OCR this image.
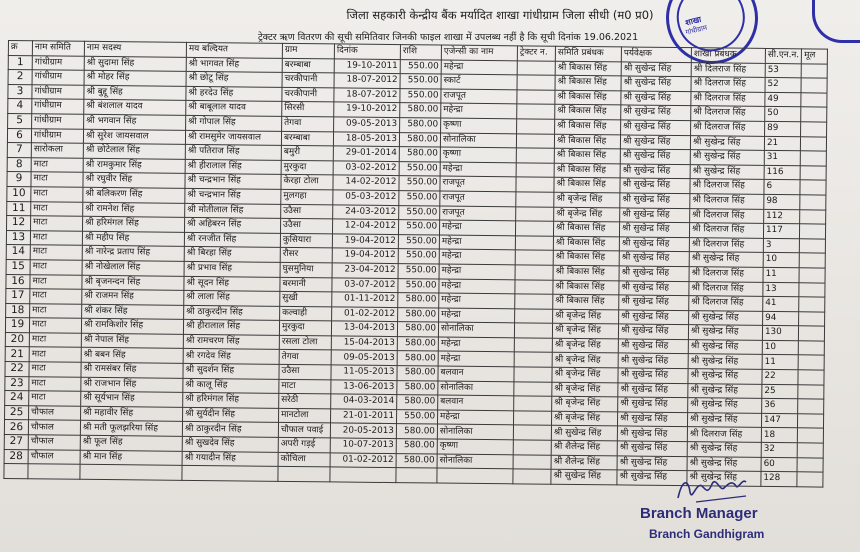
जिला सहकारी केन्द्रीय बैंक मर्यादित शाखा गांधीग्राम जिला सीधी (म0 प्र0)
ट्रेक्टर ऋण वितरण की सूची समितिवार जिनकी फाइल शाखा में उपलब्ध नहीं है कि सूची दिनांक 19.06.2021
शाखा
गांधीग्राम
क्र	नाम समिति	नाम सदस्य	मय बल्दियत	ग्राम	दिनांक	राशि	एजेन्सी का नाम	ट्रेक्टर न.	समिति प्रबंधक	पर्यवेक्षक	शाखा प्रबंधक	सी.एन.न.	मूल
1	गांधीग्राम	श्री सुदामा सिंह	श्री भागवत सिंह	बरम्बाबा	19-10-2011	550.00	महेन्द्रा		श्री बिकास सिंह	श्री सुखेन्द्र सिंह	श्री दिलराज सिंह	53	
2	गांधीग्राम	श्री मोहर सिंह	श्री छोटू सिंह	चरकीपानी	18-07-2012	550.00	स्कार्ट		श्री बिकास सिंह	श्री सुखेन्द्र सिंह	श्री दिलराज सिंह	52	
3	गांधीग्राम	श्री बुद्दू सिंह	श्री हरदेउ सिंह	चरकीपानी	18-07-2012	550.00	राजपूत		श्री बिकास सिंह	श्री सुखेन्द्र सिंह	श्री दिलराज सिंह	49	
4	गांधीग्राम	श्री बंशलाल यादव	श्री बाबूलाल यादव	सिरसी	19-10-2012	580.00	महेन्द्रा		श्री बिकास सिंह	श्री सुखेन्द्र सिंह	श्री दिलराज सिंह	50	
5	गांधीग्राम	श्री भगवान सिंह	श्री गोपाल सिंह	तेगवा	09-05-2013	580.00	कृष्णा		श्री बिकास सिंह	श्री सुखेन्द्र सिंह	श्री दिलराज सिंह	89	
6	गांधीग्राम	श्री सुरेश जायसवाल	श्री रामसुमेर जायसवाल	बरम्बाबा	18-05-2013	580.00	सोनालिका		श्री बिकास सिंह	श्री सुखेन्द्र सिंह	श्री सुखेन्द्र सिंह	21	
7	सारोकला	श्री छोटेलाल सिंह	श्री पतिराज सिंह	बमुरी	29-01-2014	580.00	कृष्णा		श्री बिकास सिंह	श्री सुखेन्द्र सिंह	श्री सुखेन्द्र सिंह	31	
8	माटा	श्री रामकुमार सिंह	श्री हीरालाल सिंह	मुरकुदा	03-02-2012	550.00	महेन्द्रा		श्री बिकास सिंह	श्री सुखेन्द्र सिंह	श्री सुखेन्द्र सिंह	116	
9	माटा	श्री रघुवीर सिंह	श्री चन्द्रभान सिंह	केरहा टोला	14-02-2012	550.00	राजपूत		श्री बिकास सिंह	श्री सुखेन्द्र सिंह	श्री दिलराज सिंह	6	
10	माटा	श्री बलिकरण सिंह	श्री चन्द्रभान सिंह	मुलगहा	05-03-2012	550.00	राजपूत		श्री बृजेन्द्र सिंह	श्री सुखेन्द्र सिंह	श्री दिलराज सिंह	98	
11	माटा	श्री रामनेश सिंह	श्री मोतीलाल सिंह	उउैसा	24-03-2012	550.00	राजपूत		श्री बृजेन्द्र सिंह	श्री सुखेन्द्र सिंह	श्री दिलराज सिंह	112	
12	माटा	श्री हरिमंगल सिंह	श्री अहिबरन सिंह	उउैसा	12-04-2012	550.00	महेन्द्रा		श्री बिकास सिंह	श्री सुखेन्द्र सिंह	श्री दिलराज सिंह	117	
13	माटा	श्री महीप सिंह	श्री रनजीत सिंह	कुसियारा	19-04-2012	550.00	महेन्द्रा		श्री बिकास सिंह	श्री सुखेन्द्र सिंह	श्री दिलराज सिंह	3	
14	माटा	श्री नारेन्द्र प्रताप सिंह	श्री बिरहा सिंह	रौसर	19-04-2012	550.00	महेन्द्रा		श्री बिकास सिंह	श्री सुखेन्द्र सिंह	श्री सुखेन्द्र सिंह	10	
15	माटा	श्री नोखेलाल सिंह	श्री प्रभाव सिंह	घुसमुनिया	23-04-2012	550.00	महेन्द्रा		श्री बिकास सिंह	श्री सुखेन्द्र सिंह	श्री दिलराज सिंह	11	
16	माटा	श्री बृजनन्दन सिंह	श्री सूदन सिंह	बरमानी	03-07-2012	550.00	महेन्द्रा		श्री बिकास सिंह	श्री सुखेन्द्र सिंह	श्री दिलराज सिंह	13	
17	माटा	श्री राजमन सिंह	श्री लाला सिंह	सुखी	01-11-2012	580.00	महेन्द्रा		श्री बिकास सिंह	श्री सुखेन्द्र सिंह	श्री दिलराज सिंह	41	
18	माटा	श्री शंकर सिंह	श्री ठाकुरदीन सिंह	कल्वाही	01-02-2012	580.00	महेन्द्रा		श्री बृजेन्द्र सिंह	श्री सुखेन्द्र सिंह	श्री सुखेन्द्र सिंह	94	
19	माटा	श्री रामकिशोर सिंह	श्री हीरालाल सिंह	मुरकुदा	13-04-2013	580.00	सोनालिका		श्री बृजेन्द्र सिंह	श्री सुखेन्द्र सिंह	श्री सुखेन्द्र सिंह	130	
20	माटा	श्री नेपाल सिंह	श्री रामचरण सिंह	रसला टोला	15-04-2013	580.00	महेन्द्रा		श्री बृजेन्द्र सिंह	श्री सुखेन्द्र सिंह	श्री सुखेन्द्र सिंह	10	
21	माटा	श्री बबन सिंह	श्री रगदेव सिंह	तेगवा	09-05-2013	580.00	महेन्द्रा		श्री बृजेन्द्र सिंह	श्री सुखेन्द्र सिंह	श्री सुखेन्द्र सिंह	11	
22	माटा	श्री रामसंबर सिंह	श्री सुदर्शन सिंह	उउैसा	11-05-2013	580.00	बलवान		श्री बृजेन्द्र सिंह	श्री सुखेन्द्र सिंह	श्री सुखेन्द्र सिंह	22	
23	माटा	श्री राजभान सिंह	श्री कालू सिंह	माटा	13-06-2013	580.00	सोनालिका		श्री बृजेन्द्र सिंह	श्री सुखेन्द्र सिंह	श्री सुखेन्द्र सिंह	25	
24	माटा	श्री सूर्यभान सिंह	श्री हरिमंगल सिंह	सरेठी	04-03-2014	580.00	बलवान		श्री बृजेन्द्र सिंह	श्री सुखेन्द्र सिंह	श्री सुखेन्द्र सिंह	36	
25	चौफाल	श्री महावीर सिंह	श्री सुर्यदीन सिंह	मानटोला	21-01-2011	550.00	महेन्द्रा		श्री बृजेन्द्र सिंह	श्री सुखेन्द्र सिंह	श्री सुखेन्द्र सिंह	147	
26	चौफाल	श्री मती फूलझरिया सिंह	श्री ठाकुरदीन सिंह	चौफाल पवाई	20-05-2013	580.00	सोनालिका		श्री सुखेन्द्र सिंह	श्री सुखेन्द्र सिंह	श्री दिलराज सिंह	18	
27	चौफाल	श्री फूल सिंह	श्री सुखदेव सिंह	अपरी गड़ई	10-07-2013	580.00	कृष्णा		श्री शैलेन्द्र सिंह	श्री सुखेन्द्र सिंह	श्री सुखेन्द्र सिंह	32	
28	चौफाल	श्री मान सिंह	श्री गयादीन सिंह	कोचिला	01-02-2012	580.00	सोनालिका		श्री शैलेन्द्र सिंह	श्री सुखेन्द्र सिंह	श्री सुखेन्द्र सिंह	60	
									श्री सुखेन्द्र सिंह	श्री सुखेन्द्र सिंह	श्री सुखेन्द्र सिंह	128	
Branch Manager
Branch Gandhigram
